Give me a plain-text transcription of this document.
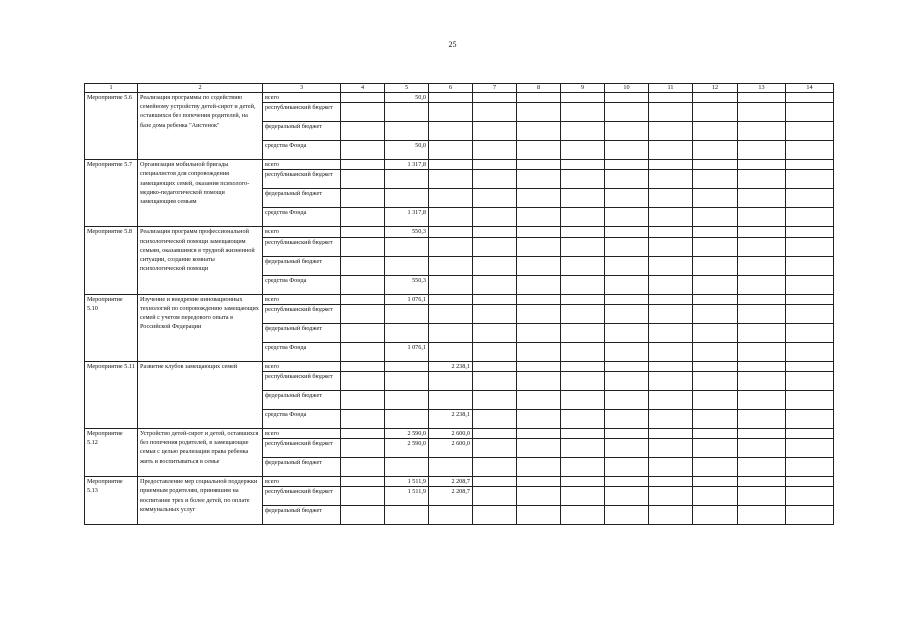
25
1	2	3	4	5	6	7	8	9	10	11	12	13	14
Мероприятие 5.6	Реализация программы по содействию семейному устройству детей-сирот и детей, оставшихся без попечения родителей, на базе дома ребенка "Аистенок"	всего		50,0									
		республиканский бюджет											
		федеральный бюджет											
		средства Фонда		50,0									
Мероприятие 5.7	Организация мобильной бригады специалистов для сопровождения замещающих семей, оказания психолого-медико-педагогической помощи замещающим семьям	всего		1 317,8									
		республиканский бюджет											
		федеральный бюджет											
		средства Фонда		1 317,8									
Мероприятие 5.8	Реализация программ профессиональной психологической помощи замещающим семьям, оказавшимся в трудной жизненной ситуации, создание комнаты психологической помощи	всего		550,3									
		республиканский бюджет											
		федеральный бюджет											
		средства Фонда		550,3									
Мероприятие 5.10	Изучение и внедрение инновационных технологий по сопровождению замещающих семей с учетом передового опыта в Российской Федерации	всего		1 076,1									
		республиканский бюджет											
		федеральный бюджет											
		средства Фонда		1 076,1									
Мероприятие 5.11	Развитие клубов замещающих семей	всего			2 238,1								
		республиканский бюджет											
		федеральный бюджет											
		средства Фонда			2 238,1								
Мероприятие 5.12	Устройство детей-сирот и детей, оставшихся без попечения родителей, в замещающие семьи с целью реализации права ребенка жить и воспитываться в семье	всего		2 590,0	2 600,0								
		республиканский бюджет		2 590,0	2 600,0								
		федеральный бюджет											
Мероприятие 5.13	Предоставление мер социальной поддержки приемным родителям, принявшим на воспитание трех и более детей, по оплате коммунальных услуг	всего		1 511,9	2 208,7								
		республиканский бюджет		1 511,9	2 208,7								
		федеральный бюджет											
